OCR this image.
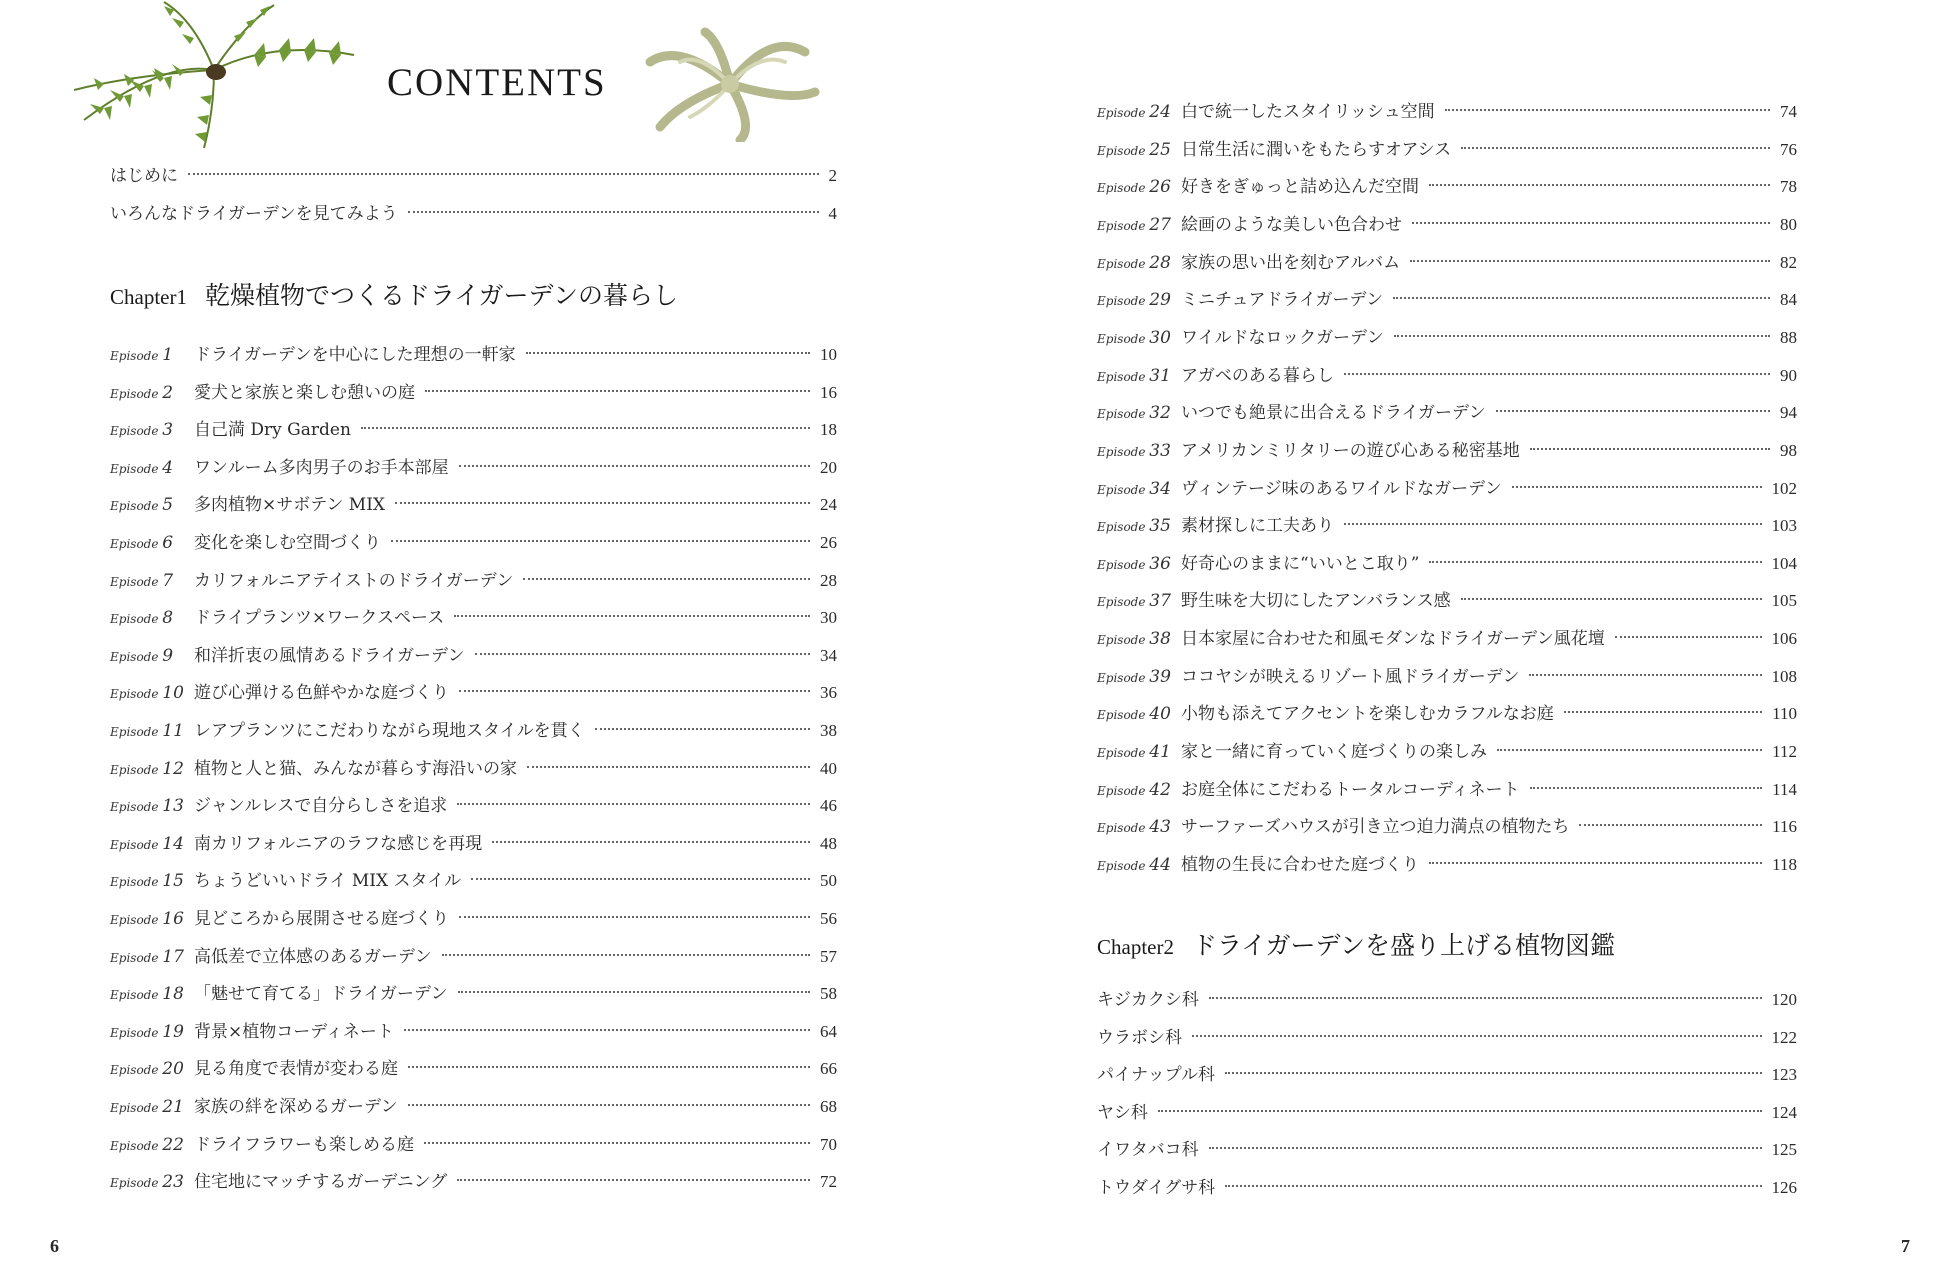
CONTENTS
はじめに	2
いろんなドライガーデンを見てみよう	4
Chapter1 乾燥植物でつくるドライガーデンの暮らし
Episode 1	ドライガーデンを中心にした理想の一軒家	10
Episode 2	愛犬と家族と楽しむ憩いの庭	16
Episode 3	自己満 Dry Garden	18
Episode 4	ワンルーム多肉男子のお手本部屋	20
Episode 5	多肉植物×サボテン MIX	24
Episode 6	変化を楽しむ空間づくり	26
Episode 7	カリフォルニアテイストのドライガーデン	28
Episode 8	ドライプランツ×ワークスペース	30
Episode 9	和洋折衷の風情あるドライガーデン	34
Episode 10 遊び心弾ける色鮮やかな庭づくり	36
Episode 11 レアプランツにこだわりながら現地スタイルを貫く	38
Episode 12 植物と人と猫、みんなが暮らす海沿いの家	40
Episode 13 ジャンルレスで自分らしさを追求	46
Episode 14 南カリフォルニアのラフな感じを再現	48
Episode 15 ちょうどいいドライ MIX スタイル	50
Episode 16 見どころから展開させる庭づくり	56
Episode 17 高低差で立体感のあるガーデン	57
Episode 18 「魅せて育てる」ドライガーデン	58
Episode 19 背景×植物コーディネート	64
Episode 20 見る角度で表情が変わる庭	66
Episode 21 家族の絆を深めるガーデン	68
Episode 22 ドライフラワーも楽しめる庭	70
Episode 23 住宅地にマッチするガーデニング	72
6
Episode 24 白で統一したスタイリッシュ空間	74
Episode 25 日常生活に潤いをもたらすオアシス	76
Episode 26 好きをぎゅっと詰め込んだ空間	78
Episode 27 絵画のような美しい色合わせ	80
Episode 28 家族の思い出を刻むアルバム	82
Episode 29 ミニチュアドライガーデン	84
Episode 30 ワイルドなロックガーデン	88
Episode 31 アガベのある暮らし	90
Episode 32 いつでも絶景に出合えるドライガーデン	94
Episode 33 アメリカンミリタリーの遊び心ある秘密基地	98
Episode 34 ヴィンテージ味のあるワイルドなガーデン	102
Episode 35 素材探しに工夫あり	103
Episode 36 好奇心のままに“いいとこ取り”	104
Episode 37 野生味を大切にしたアンバランス感	105
Episode 38 日本家屋に合わせた和風モダンなドライガーデン風花壇	106
Episode 39 ココヤシが映えるリゾート風ドライガーデン	108
Episode 40 小物も添えてアクセントを楽しむカラフルなお庭	110
Episode 41 家と一緒に育っていく庭づくりの楽しみ	112
Episode 42 お庭全体にこだわるトータルコーディネート	114
Episode 43 サーファーズハウスが引き立つ迫力満点の植物たち	116
Episode 44 植物の生長に合わせた庭づくり	118
Chapter2 ドライガーデンを盛り上げる植物図鑑
キジカクシ科	120
ウラボシ科	122
パイナップル科	123
ヤシ科	124
イワタバコ科	125
トウダイグサ科	126
7
